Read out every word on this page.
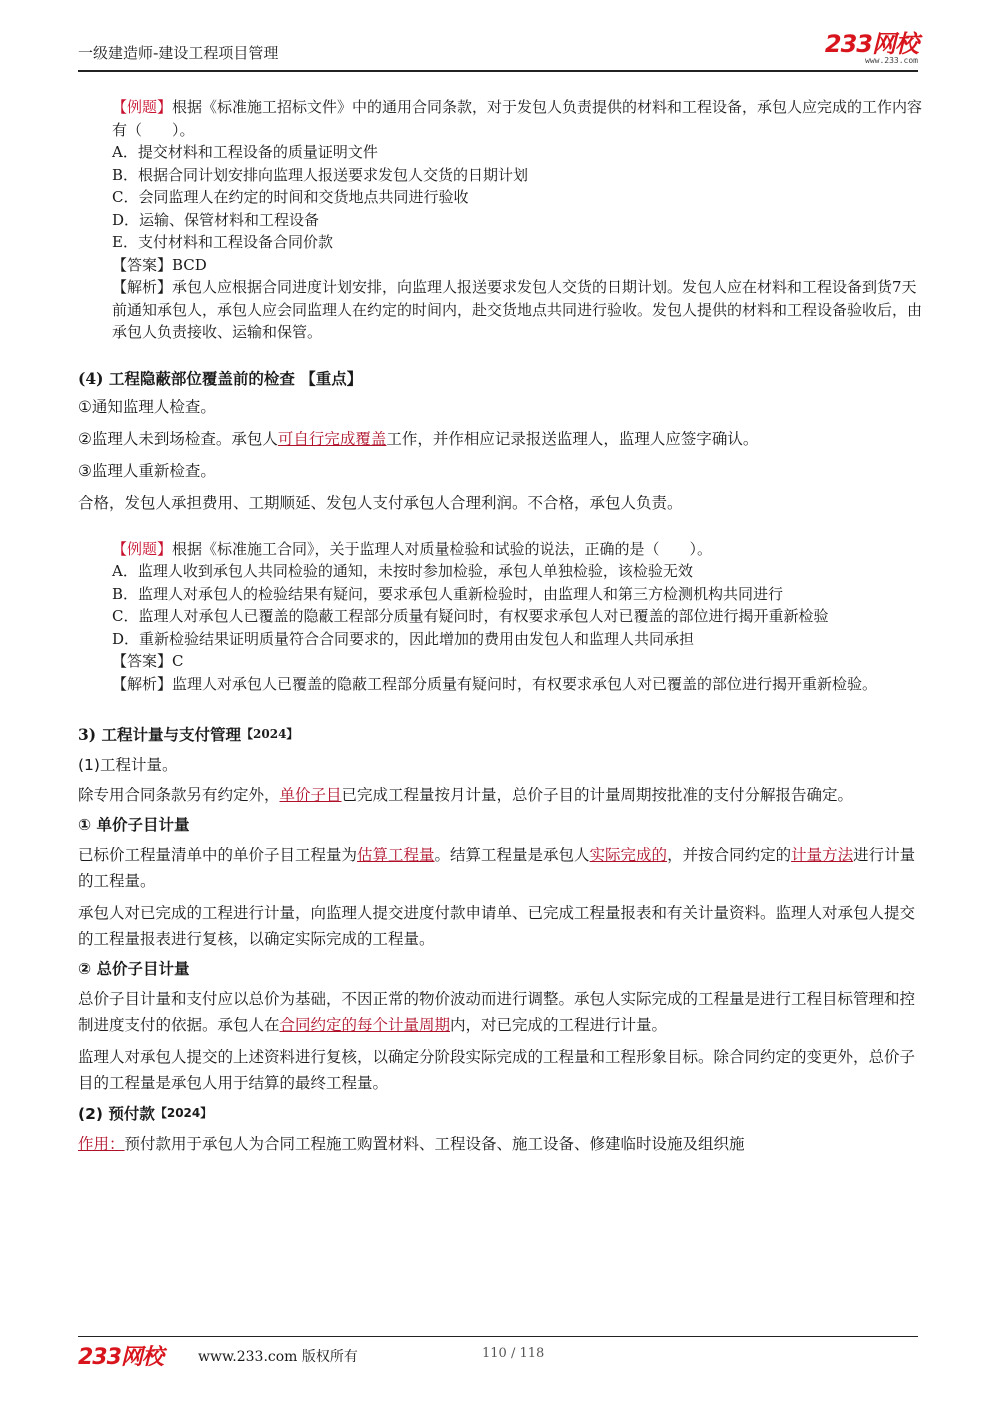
一级建造师-建设工程项目管理	233网校
www.233.com

【例题】根据《标准施工招标文件》中的通用合同条款，对于发包人负责提供的材料和工程设备，承包人应完成的工作内容有（　　）。

A．提交材料和工程设备的质量证明文件

B．根据合同计划安排向监理人报送要求发包人交货的日期计划

C．会同监理人在约定的时间和交货地点共同进行验收

D．运输、保管材料和工程设备

E．支付材料和工程设备合同价款

【答案】BCD

【解析】承包人应根据合同进度计划安排，向监理人报送要求发包人交货的日期计划。发包人应在材料和工程设备到货7天前通知承包人，承包人应会同监理人在约定的时间内，赴交货地点共同进行验收。发包人提供的材料和工程设备验收后，由承包人负责接收、运输和保管。

(4) 工程隐蔽部位覆盖前的检查 【重点】

①通知监理人检查。

②监理人未到场检查。承包人可自行完成覆盖工作，并作相应记录报送监理人，监理人应签字确认。

③监理人重新检查。

合格，发包人承担费用、工期顺延、发包人支付承包人合理利润。不合格，承包人负责。

【例题】根据《标准施工合同》，关于监理人对质量检验和试验的说法，正确的是（　　）。

A．监理人收到承包人共同检验的通知，未按时参加检验，承包人单独检验，该检验无效

B．监理人对承包人的检验结果有疑问，要求承包人重新检验时，由监理人和第三方检测机构共同进行

C．监理人对承包人已覆盖的隐蔽工程部分质量有疑问时，有权要求承包人对已覆盖的部位进行揭开重新检验

D．重新检验结果证明质量符合合同要求的，因此增加的费用由发包人和监理人共同承担

【答案】C

【解析】监理人对承包人已覆盖的隐蔽工程部分质量有疑问时，有权要求承包人对已覆盖的部位进行揭开重新检验。

3) 工程计量与支付管理【2024】

(1)工程计量。

除专用合同条款另有约定外，单价子目已完成工程量按月计量，总价子目的计量周期按批准的支付分解报告确定。

① 单价子目计量

已标价工程量清单中的单价子目工程量为估算工程量。结算工程量是承包人实际完成的，并按合同约定的计量方法进行计量的工程量。

承包人对已完成的工程进行计量，向监理人提交进度付款申请单、已完成工程量报表和有关计量资料。监理人对承包人提交的工程量报表进行复核，以确定实际完成的工程量。

② 总价子目计量

总价子目计量和支付应以总价为基础，不因正常的物价波动而进行调整。承包人实际完成的工程量是进行工程目标管理和控制进度支付的依据。承包人在合同约定的每个计量周期内，对已完成的工程进行计量。

监理人对承包人提交的上述资料进行复核，以确定分阶段实际完成的工程量和工程形象目标。除合同约定的变更外，总价子目的工程量是承包人用于结算的最终工程量。

(2) 预付款【2024】

作用：预付款用于承包人为合同工程施工购置材料、工程设备、施工设备、修建临时设施及组织施

233网校	www.233.com 版权所有	110 / 118
